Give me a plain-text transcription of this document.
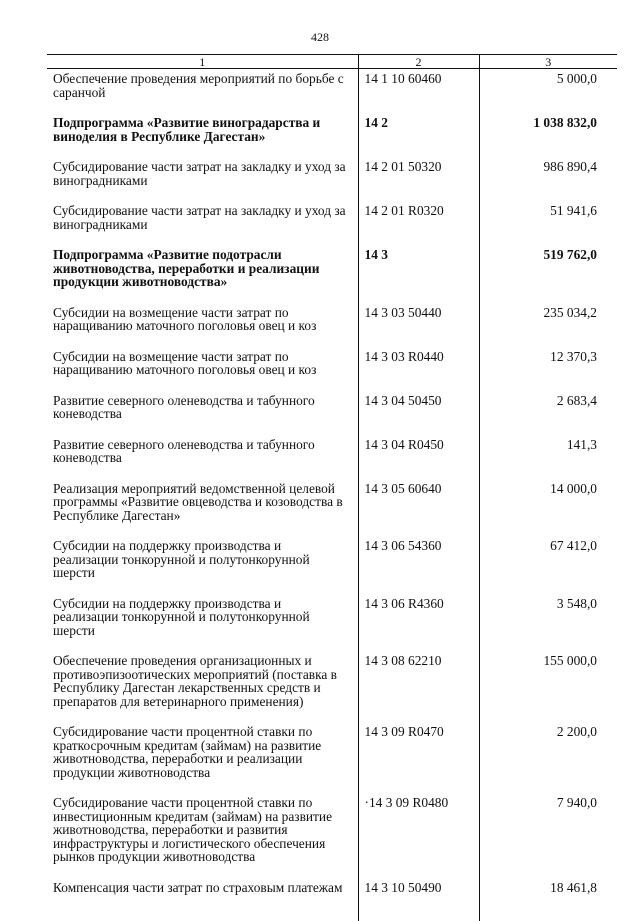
428
1	2	3
Обеспечение проведения мероприятий по борьбе с саранчой	14 1 10 60460	5 000,0
Подпрограмма «Развитие виноградарства и виноделия в Республике Дагестан»	14 2	1 038 832,0
Субсидирование части затрат на закладку и уход за виноградниками	14 2 01 50320	986 890,4
Субсидирование части затрат на закладку и уход за виноградниками	14 2 01 R0320	51 941,6
Подпрограмма «Развитие подотрасли животноводства, переработки и реализации продукции животноводства»	14 3	519 762,0
Субсидии на возмещение части затрат по наращиванию маточного поголовья овец и коз	14 3 03 50440	235 034,2
Субсидии на возмещение части затрат по наращиванию маточного поголовья овец и коз	14 3 03 R0440	12 370,3
Развитие северного оленеводства и табунного коневодства	14 3 04 50450	2 683,4
Развитие северного оленеводства и табунного коневодства	14 3 04 R0450	141,3
Реализация мероприятий ведомственной целевой программы «Развитие овцеводства и козоводства в Республике Дагестан»	14 3 05 60640	14 000,0
Субсидии на поддержку производства и реализации тонкорунной и полутонкорунной шерсти	14 3 06 54360	67 412,0
Субсидии на поддержку производства и реализации тонкорунной и полутонкорунной шерсти	14 3 06 R4360	3 548,0
Обеспечение проведения организационных и противоэпизоотических мероприятий (поставка в Республику Дагестан лекарственных средств и препаратов для ветеринарного применения)	14 3 08 62210	155 000,0
Субсидирование части процентной ставки по краткосрочным кредитам (займам) на развитие животноводства, переработки и реализации продукции животноводства	14 3 09 R0470	2 200,0
Субсидирование части процентной ставки по инвестиционным кредитам (займам) на развитие животноводства, переработки и развития инфраструктуры и логистического обеспечения рынков продукции животноводства	·14 3 09 R0480	7 940,0
Компенсация части затрат по страховым платежам	14 3 10 50490	18 461,8
